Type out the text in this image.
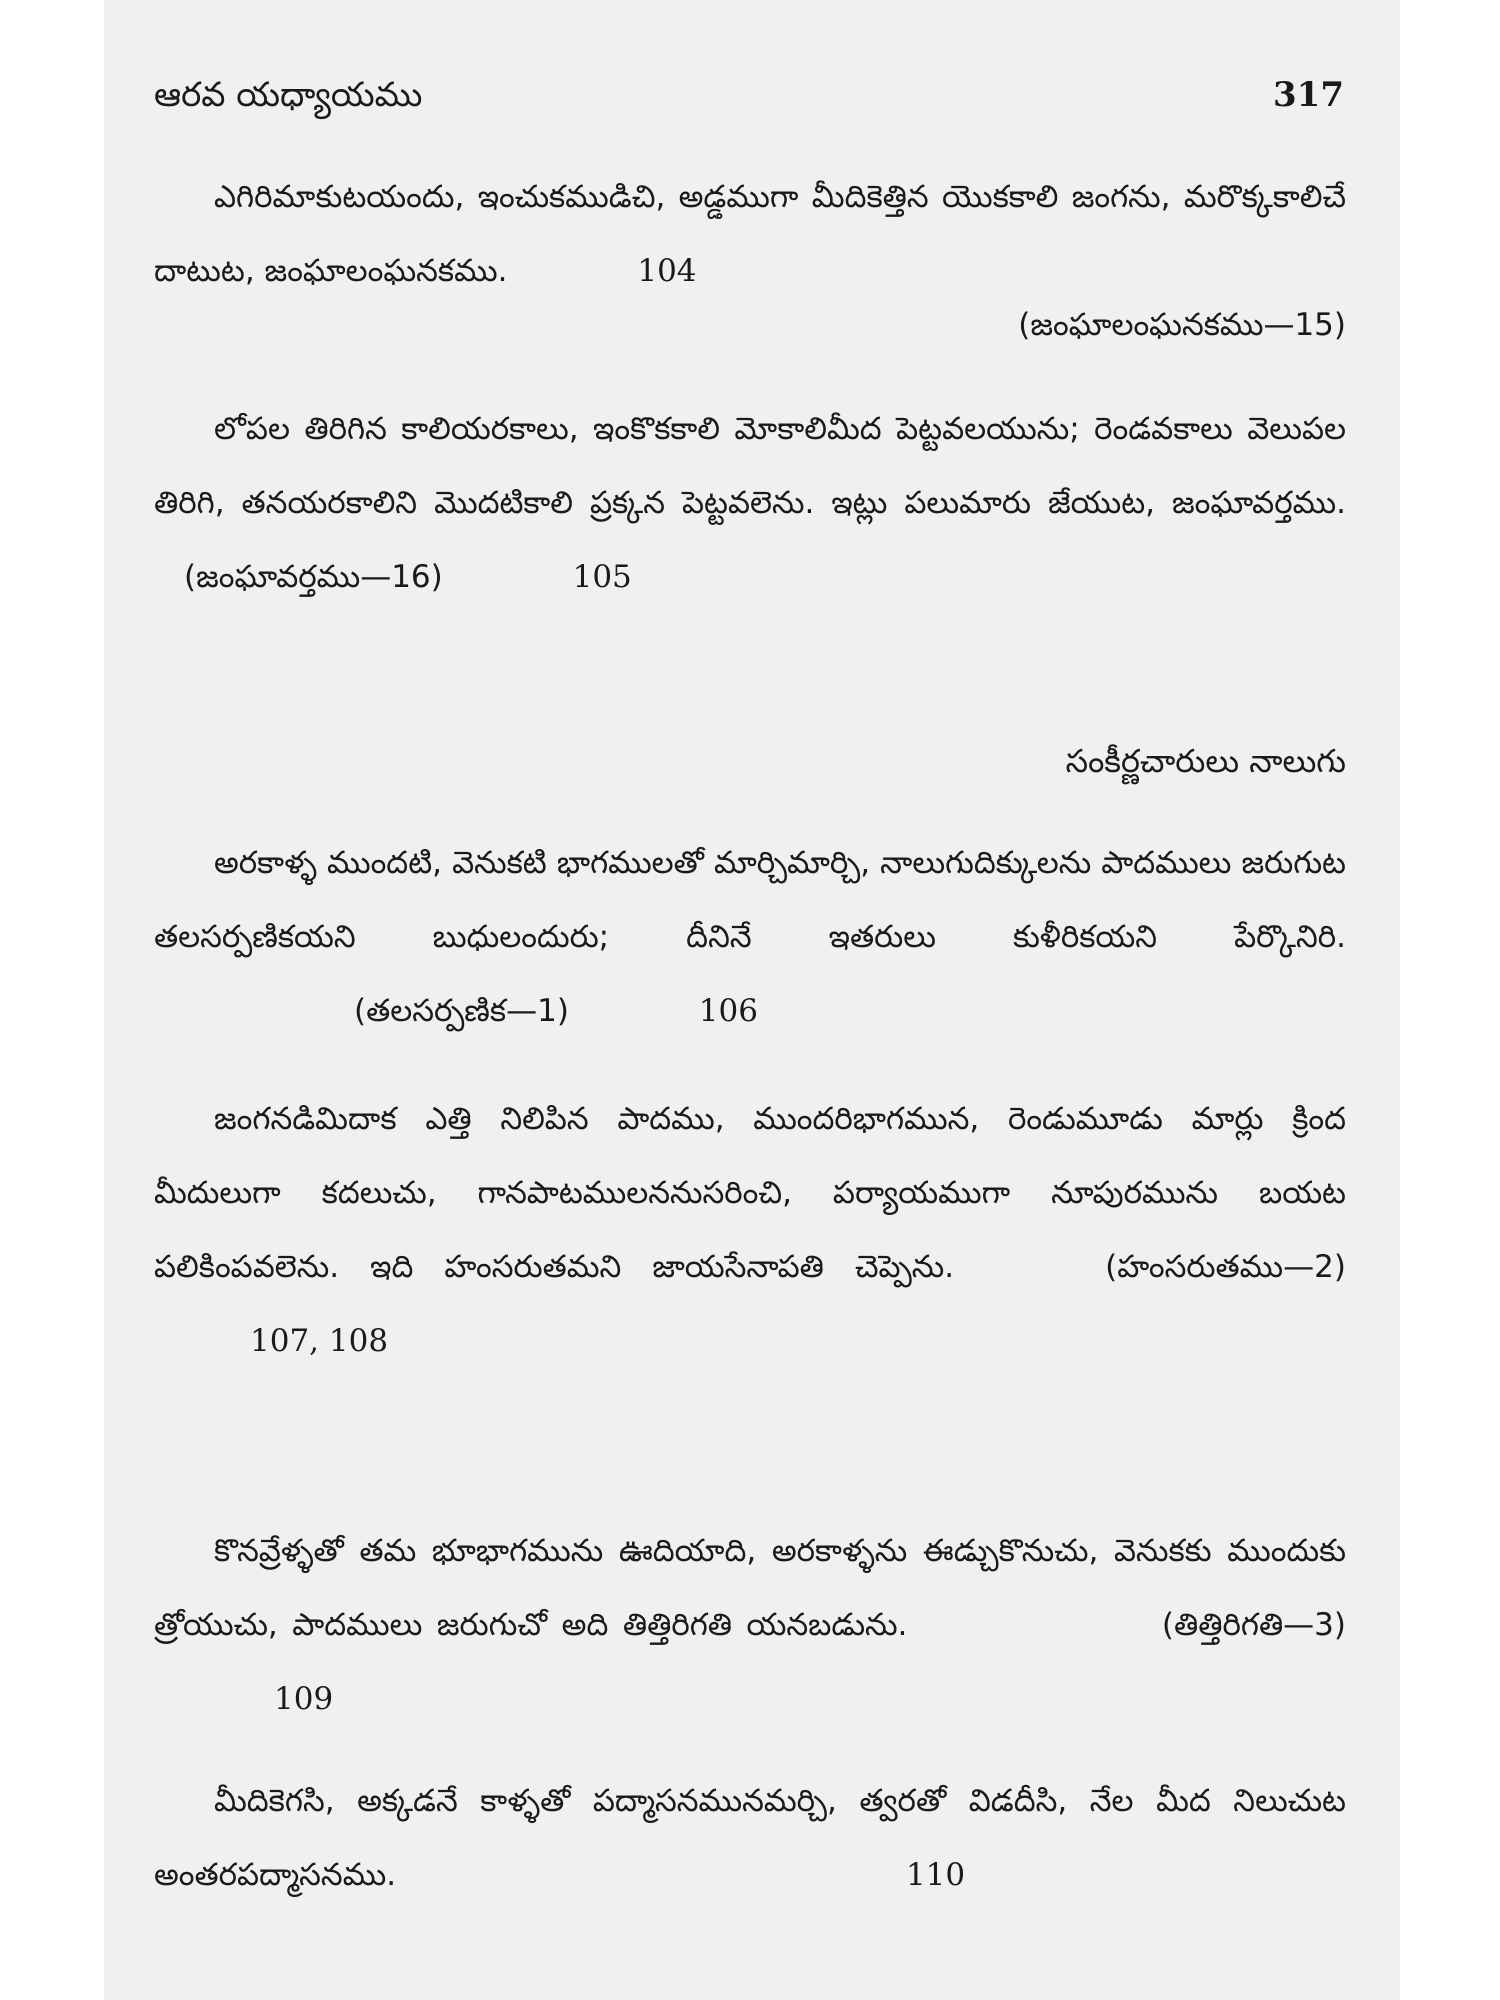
ఆరవ యధ్యాయము	317
ఎగిరిమాకుటయందు, ఇంచుకముడిచి, అడ్డముగా మీదికెత్తిన యొకకాలి జంగను, మరొక్కకాలిచే దాటుట, జంఘాలంఘనకము.	104
(జంఘాలంఘనకము—15)
లోపల తిరిగిన కాలియరకాలు, ఇంకొకకాలి మోకాలిమీద పెట్టవలయును; రెండవకాలు వెలుపల తిరిగి, తనయరకాలిని మొదటికాలి ప్రక్కన పెట్టవలెను. ఇట్లు పలుమారు జేయుట, జంఘావర్తము. (జంఘావర్తము—16)	105
సంకీర్ణచారులు నాలుగు
అరకాళ్ళ ముందటి, వెనుకటి భాగములతో మార్చిమార్చి, నాలుగుదిక్కులను పాదములు జరుగుట తలసర్పణికయని బుధులందురు; దీనినే ఇతరులు కుళీరికయని పేర్కొనిరి. (తలసర్పణిక—1)	106
జంగనడిమిదాక ఎత్తి నిలిపిన పాదము, ముందరిభాగమున, రెండుమూడు మార్లు క్రింద మీదులుగా కదలుచు, గానపాటములననుసరించి, పర్యాయముగా నూపురమును బయట పలికింపవలెను. ఇది హంసరుతమని జాయసేనాపతి చెప్పెను.	(హంసరుతము—2) 107, 108
కొనవ్రేళ్ళతో తమ భూభాగమును ఊదియాది, అరకాళ్ళను ఈడ్చుకొనుచు, వెనుకకు ముందుకు త్రోయుచు, పాదములు జరుగుచో అది తిత్తిరిగతి యనబడును.	(తిత్తిరిగతి—3) 109
మీదికెగసి, అక్కడనే కాళ్ళతో పద్మాసనమునమర్చి, త్వరతో విడదీసి, నేల మీద నిలుచుట అంతరపద్మాసనము.	110
